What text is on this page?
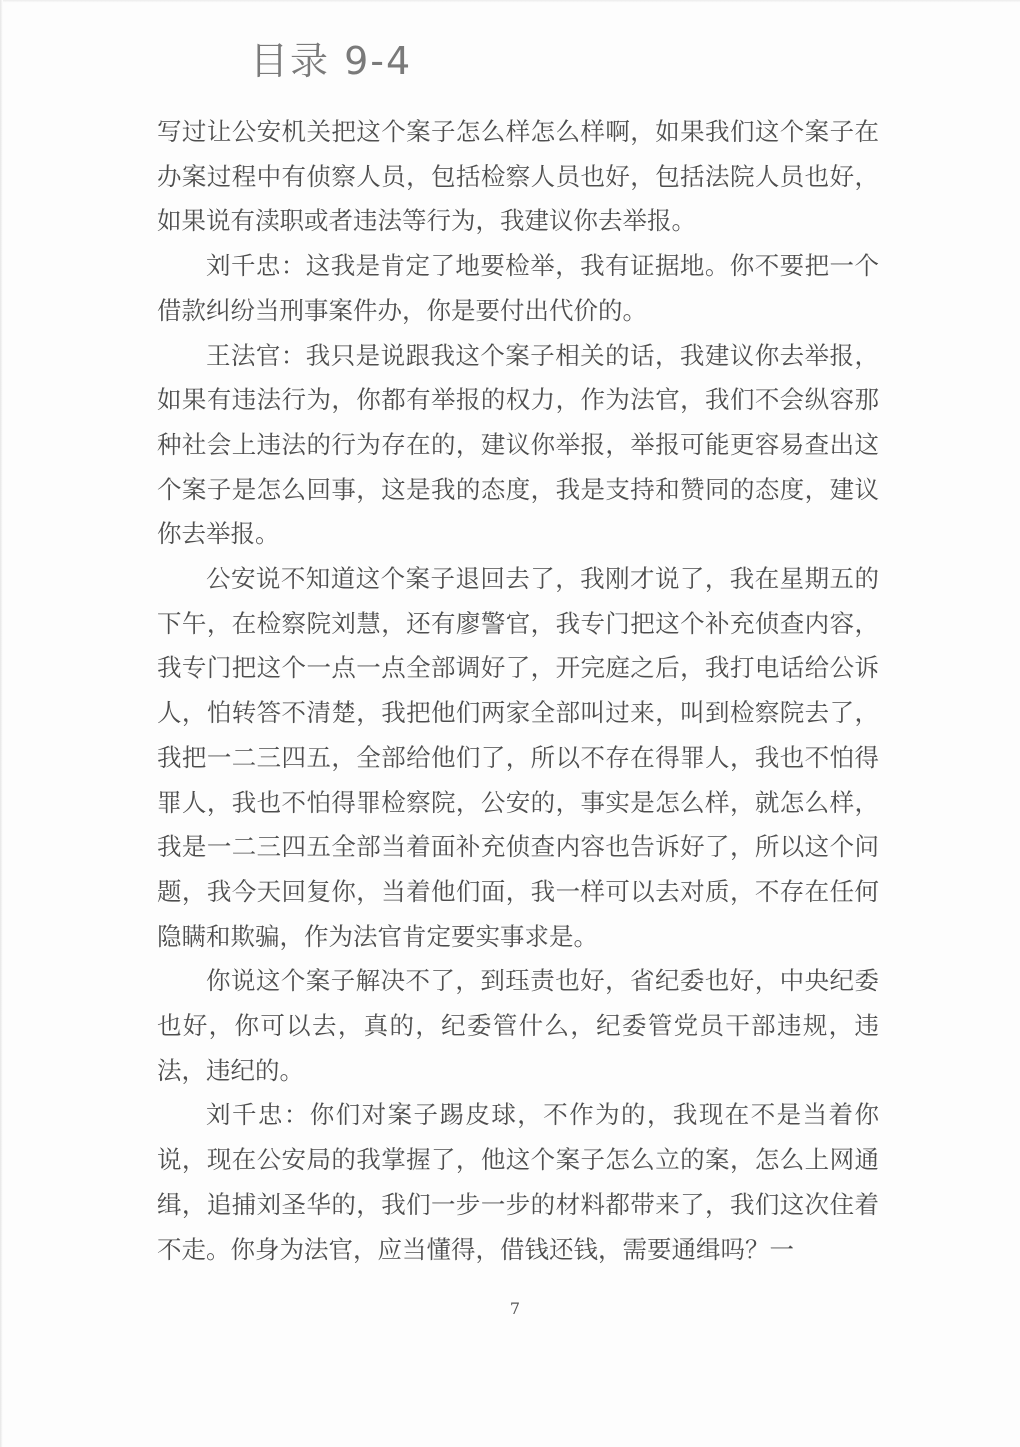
目录 9-4

写过让公安机关把这个案子怎么样怎么样啊，如果我们这个案子在办案过程中有侦察人员，包括检察人员也好，包括法院人员也好，如果说有渎职或者违法等行为，我建议你去举报。

刘千忠：这我是肯定了地要检举，我有证据地。你不要把一个借款纠纷当刑事案件办，你是要付出代价的。

王法官：我只是说跟我这个案子相关的话，我建议你去举报，如果有违法行为，你都有举报的权力，作为法官，我们不会纵容那种社会上违法的行为存在的，建议你举报，举报可能更容易查出这个案子是怎么回事，这是我的态度，我是支持和赞同的态度，建议你去举报。

公安说不知道这个案子退回去了，我刚才说了，我在星期五的下午，在检察院刘慧，还有廖警官，我专门把这个补充侦查内容，我专门把这个一点一点全部调好了，开完庭之后，我打电话给公诉人，怕转答不清楚，我把他们两家全部叫过来，叫到检察院去了，我把一二三四五，全部给他们了，所以不存在得罪人，我也不怕得罪人，我也不怕得罪检察院，公安的，事实是怎么样，就怎么样，我是一二三四五全部当着面补充侦查内容也告诉好了，所以这个问题，我今天回复你，当着他们面，我一样可以去对质，不存在任何隐瞒和欺骗，作为法官肯定要实事求是。

你说这个案子解决不了，到珏责也好，省纪委也好，中央纪委也好，你可以去，真的，纪委管什么，纪委管党员干部违规，违法，违纪的。

刘千忠：你们对案子踢皮球，不作为的，我现在不是当着你说，现在公安局的我掌握了，他这个案子怎么立的案，怎么上网通缉，追捕刘圣华的，我们一步一步的材料都带来了，我们这次住着不走。你身为法官，应当懂得，借钱还钱，需要通缉吗？一

7
